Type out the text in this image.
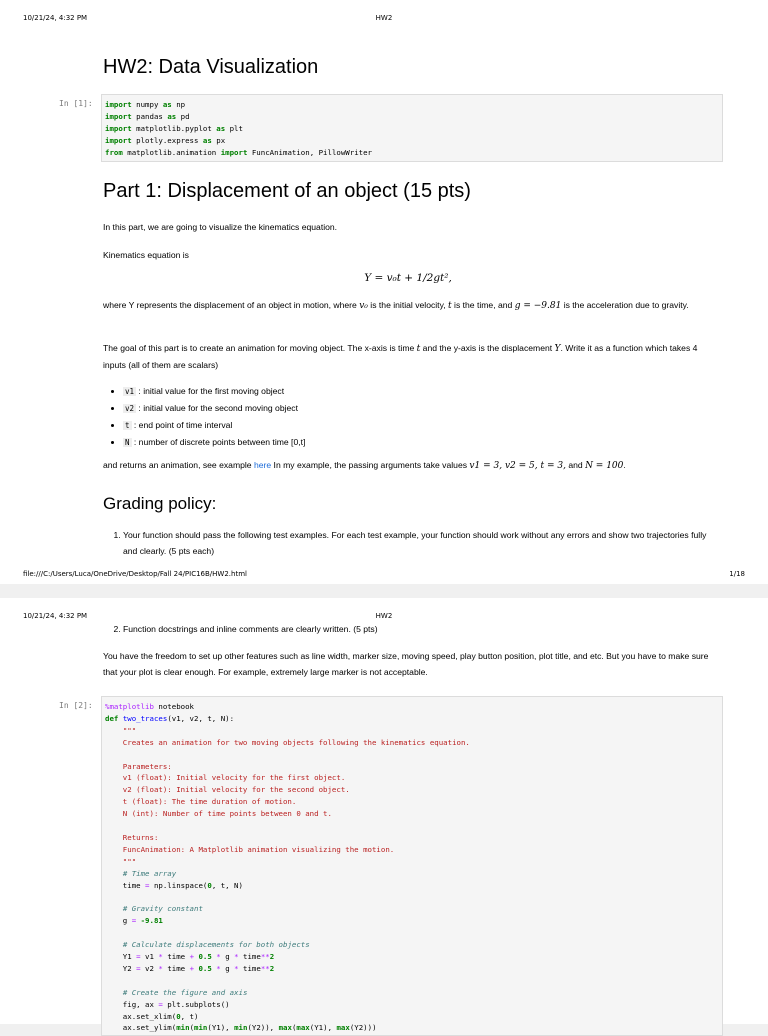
10/21/24, 4:32 PM	HW2
HW2: Data Visualization
In [1]: import numpy as np
import pandas as pd
import matplotlib.pyplot as plt
import plotly.express as px
from matplotlib.animation import FuncAnimation, PillowWriter
Part 1: Displacement of an object (15 pts)

In this part, we are going to visualize the kinematics equation.

Kinematics equation is

Y = v₀t + 1/2gt²,

where Y represents the displacement of an object in motion, where v₀ is the initial velocity, t is the time, and g = −9.81 is the acceleration due to gravity.

The goal of this part is to create an animation for moving object. The x-axis is time t and the y-axis is the displacement Y. Write it as a function which takes 4 inputs (all of them are scalars)

• v1 : initial value for the first moving object
• v2 : initial value for the second moving object
• t : end point of time interval
• N : number of discrete points between time [0,t]

and returns an animation, see example here In my example, the passing arguments take values v1 = 3, v2 = 5, t = 3, and N = 100.

Grading policy:
1. Your function should pass the following test examples. For each test example, your function should work without any errors and show two trajectories fully and clearly. (5 pts each)
file:///C:/Users/Luca/OneDrive/Desktop/Fall 24/PIC16B/HW2.html	1/18
10/21/24, 4:32 PM	HW2
2. Function docstrings and inline comments are clearly written. (5 pts)

You have the freedom to set up other features such as line width, marker size, moving speed, play button position, plot title, and etc. But you have to make sure that your plot is clear enough. For example, extremely large marker is not acceptable.

In [2]: %matplotlib notebook
def two_traces(v1, v2, t, N):
"""
Creates an animation for two moving objects following the kinematics equation.

Parameters:
v1 (float): Initial velocity for the first object.
v2 (float): Initial velocity for the second object.
t (float): The time duration of motion.
N (int): Number of time points between 0 and t.

Returns:
FuncAnimation: A Matplotlib animation visualizing the motion.
"""
# Time array
time = np.linspace(0, t, N)

# Gravity constant
g = -9.81

# Calculate displacements for both objects
Y1 = v1 * time + 0.5 * g * time**2
Y2 = v2 * time + 0.5 * g * time**2

# Create the figure and axis
fig, ax = plt.subplots()
ax.set_xlim(0, t)
ax.set_ylim(min(min(Y1), min(Y2)), max(max(Y1), max(Y2)))
